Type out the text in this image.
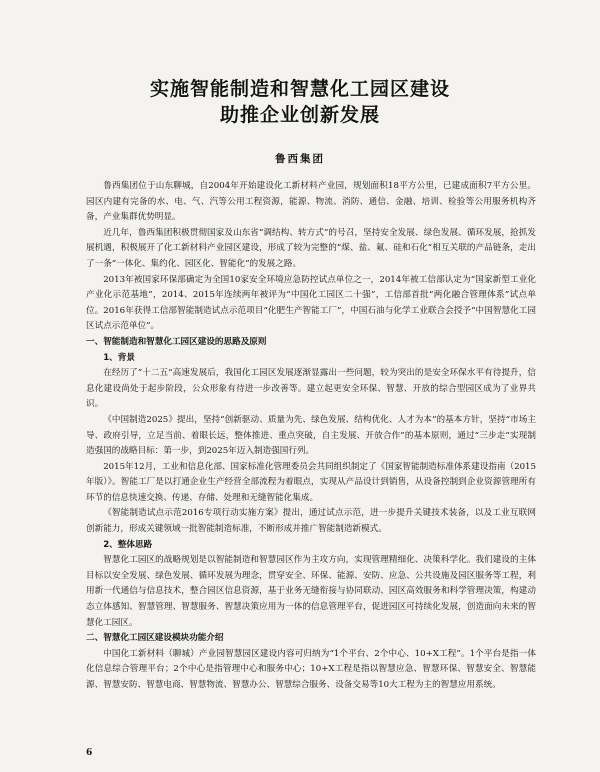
实施智能制造和智慧化工园区建设
助推企业创新发展
鲁西集团

鲁西集团位于山东聊城，自2004年开始建设化工新材料产业园，规划面积18平方公里，已建成面积7平方公里。园区内建有完备的水、电、气、汽等公用工程资源，能源、物流、消防、通信、金融、培训、检验等公用服务机构齐备，产业集群优势明显。

近几年，鲁西集团积极贯彻国家及山东省“调结构、转方式”的号召，坚持安全发展、绿色发展、循环发展，抢抓发展机遇，积极展开了化工新材料产业园区建设，形成了较为完整的“煤、盐、氟、硅和石化”相互关联的产品链条，走出了一条“一体化、集约化、园区化、智能化”的发展之路。

2013年被国家环保部确定为全国10家安全环境应急防控试点单位之一，2014年被工信部认定为“国家新型工业化产业化示范基地”，2014、2015年连续两年被评为“中国化工园区二十强”，工信部首批“两化融合管理体系”试点单位。2016年获得工信部智能制造试点示范项目“化肥生产智能工厂”，中国石油与化学工业联合会授予“中国智慧化工园区试点示范单位”。

一、智能制造和智慧化工园区建设的思路及原则
1、背景

在经历了“十二五”高速发展后，我国化工园区发展逐渐显露出一些问题，较为突出的是安全环保水平有待提升，信息化建设尚处于起步阶段，公众形象有待进一步改善等。建立起更安全环保、智慧、开放的综合型园区成为了业界共识。

《中国制造2025》提出，坚持“创新驱动、质量为先、绿色发展、结构优化、人才为本”的基本方针，坚持“市场主导、政府引导，立足当前、着眼长远，整体推进、重点突破，自主发展、开放合作”的基本原则，通过“三步走”实现制造强国的战略目标：第一步，到2025年迈入制造强国行列。

2015年12月，工业和信息化部、国家标准化管理委员会共同组织制定了《国家智能制造标准体系建设指南（2015年版）》。智能工厂是以打通企业生产经营全部流程为着眼点，实现从产品设计到销售，从设备控制到企业资源管理所有环节的信息快速交换、传递、存储、处理和无缝智能化集成。

《智能制造试点示范2016专项行动实施方案》提出，通过试点示范，进一步提升关键技术装备，以及工业互联网创新能力，形成关键领域一批智能制造标准，不断形成并推广智能制造新模式。

2、整体思路

智慧化工园区的战略规划是以智能制造和智慧园区作为主攻方向，实现管理精细化、决策科学化。我们建设的主体目标以安全发展、绿色发展、循环发展为理念，贯穿安全、环保、能源、安防、应急、公共设施及园区服务等工程，利用新一代通信与信息技术，整合园区信息资源，基于业务无缝衔接与协同联动、园区高效服务和科学管理决策，构建动态立体感知、智慧管理、智慧服务、智慧决策应用为一体的信息管理平台，促进园区可持续化发展，创造面向未来的智慧化工园区。

二、智慧化工园区建设模块功能介绍

中国化工新材料（聊城）产业园智慧园区建设内容可归纳为“1个平台、2个中心、10+X工程”。1个平台是指一体化信息综合管理平台；2个中心是指管理中心和服务中心；10+X工程是指以智慧应急、智慧环保、智慧安全、智慧能源、智慧安防、智慧电商、智慧物流、智慧办公、智慧综合服务、设备交易等10大工程为主的智慧应用系统。

6
